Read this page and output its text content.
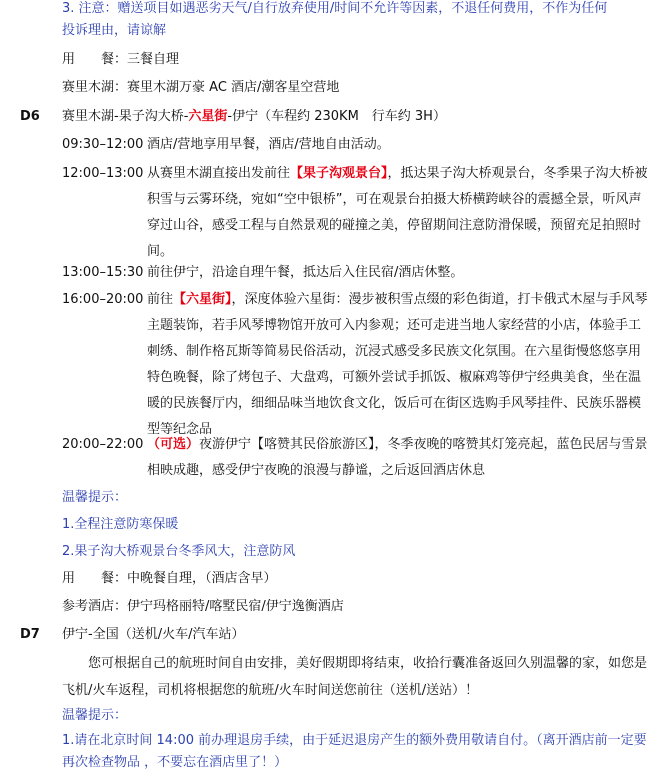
3. 注意：赠送项目如遇恶劣天气/自行放弃使用/时间不允许等因素，不退任何费用，不作为任何
投诉理由，请谅解
用　　餐：三餐自理
赛里木湖：赛里木湖万豪 AC 酒店/潮客星空营地
D6 赛里木湖-果子沟大桥-六星街-伊宁（车程约 230KM　行车约 3H）
09:30–12:00 酒店/营地享用早餐，酒店/营地自由活动。
12:00–13:00 从赛里木湖直接出发前往【果子沟观景台】，抵达果子沟大桥观景台，冬季果子沟大桥被积雪与云雾环绕，宛如“空中银桥”，可在观景台拍摄大桥横跨峡谷的震撼全景，听风声穿过山谷，感受工程与自然景观的碰撞之美，停留期间注意防滑保暖，预留充足拍照时间。
13:00–15:30 前往伊宁，沿途自理午餐，抵达后入住民宿/酒店休整。
16:00–20:00 前往【六星街】，深度体验六星街：漫步被积雪点缀的彩色街道，打卡俄式木屋与手风琴主题装饰，若手风琴博物馆开放可入内参观；还可走进当地人家经营的小店，体验手工刺绣、制作格瓦斯等简易民俗活动，沉浸式感受多民族文化氛围。在六星街慢悠悠享用特色晚餐，除了烤包子、大盘鸡，可额外尝试手抓饭、椒麻鸡等伊宁经典美食，坐在温暖的民族餐厅内，细细品味当地饮食文化，饭后可在街区选购手风琴挂件、民族乐器模型等纪念品
20:00–22:00 （可选）夜游伊宁【喀赞其民俗旅游区】，冬季夜晚的喀赞其灯笼亮起，蓝色民居与雪景相映成趣，感受伊宁夜晚的浪漫与静谧，之后返回酒店休息
温馨提示：
1.全程注意防寒保暖
2.果子沟大桥观景台冬季风大，注意防风
用　　餐：中晚餐自理，（酒店含早）
参考酒店：伊宁玛格丽特/喀墅民宿/伊宁逸衡酒店
D7 伊宁-全国（送机/火车/汽车站）
您可根据自己的航班时间自由安排，美好假期即将结束，收拾行囊准备返回久别温馨的家，如您是飞机/火车返程，司机将根据您的航班/火车时间送您前往（送机/送站）！
温馨提示：
1.请在北京时间 14:00 前办理退房手续，由于延迟退房产生的额外费用敬请自付。（离开酒店前一定要再次检查物品 ，不要忘在酒店里了！）
